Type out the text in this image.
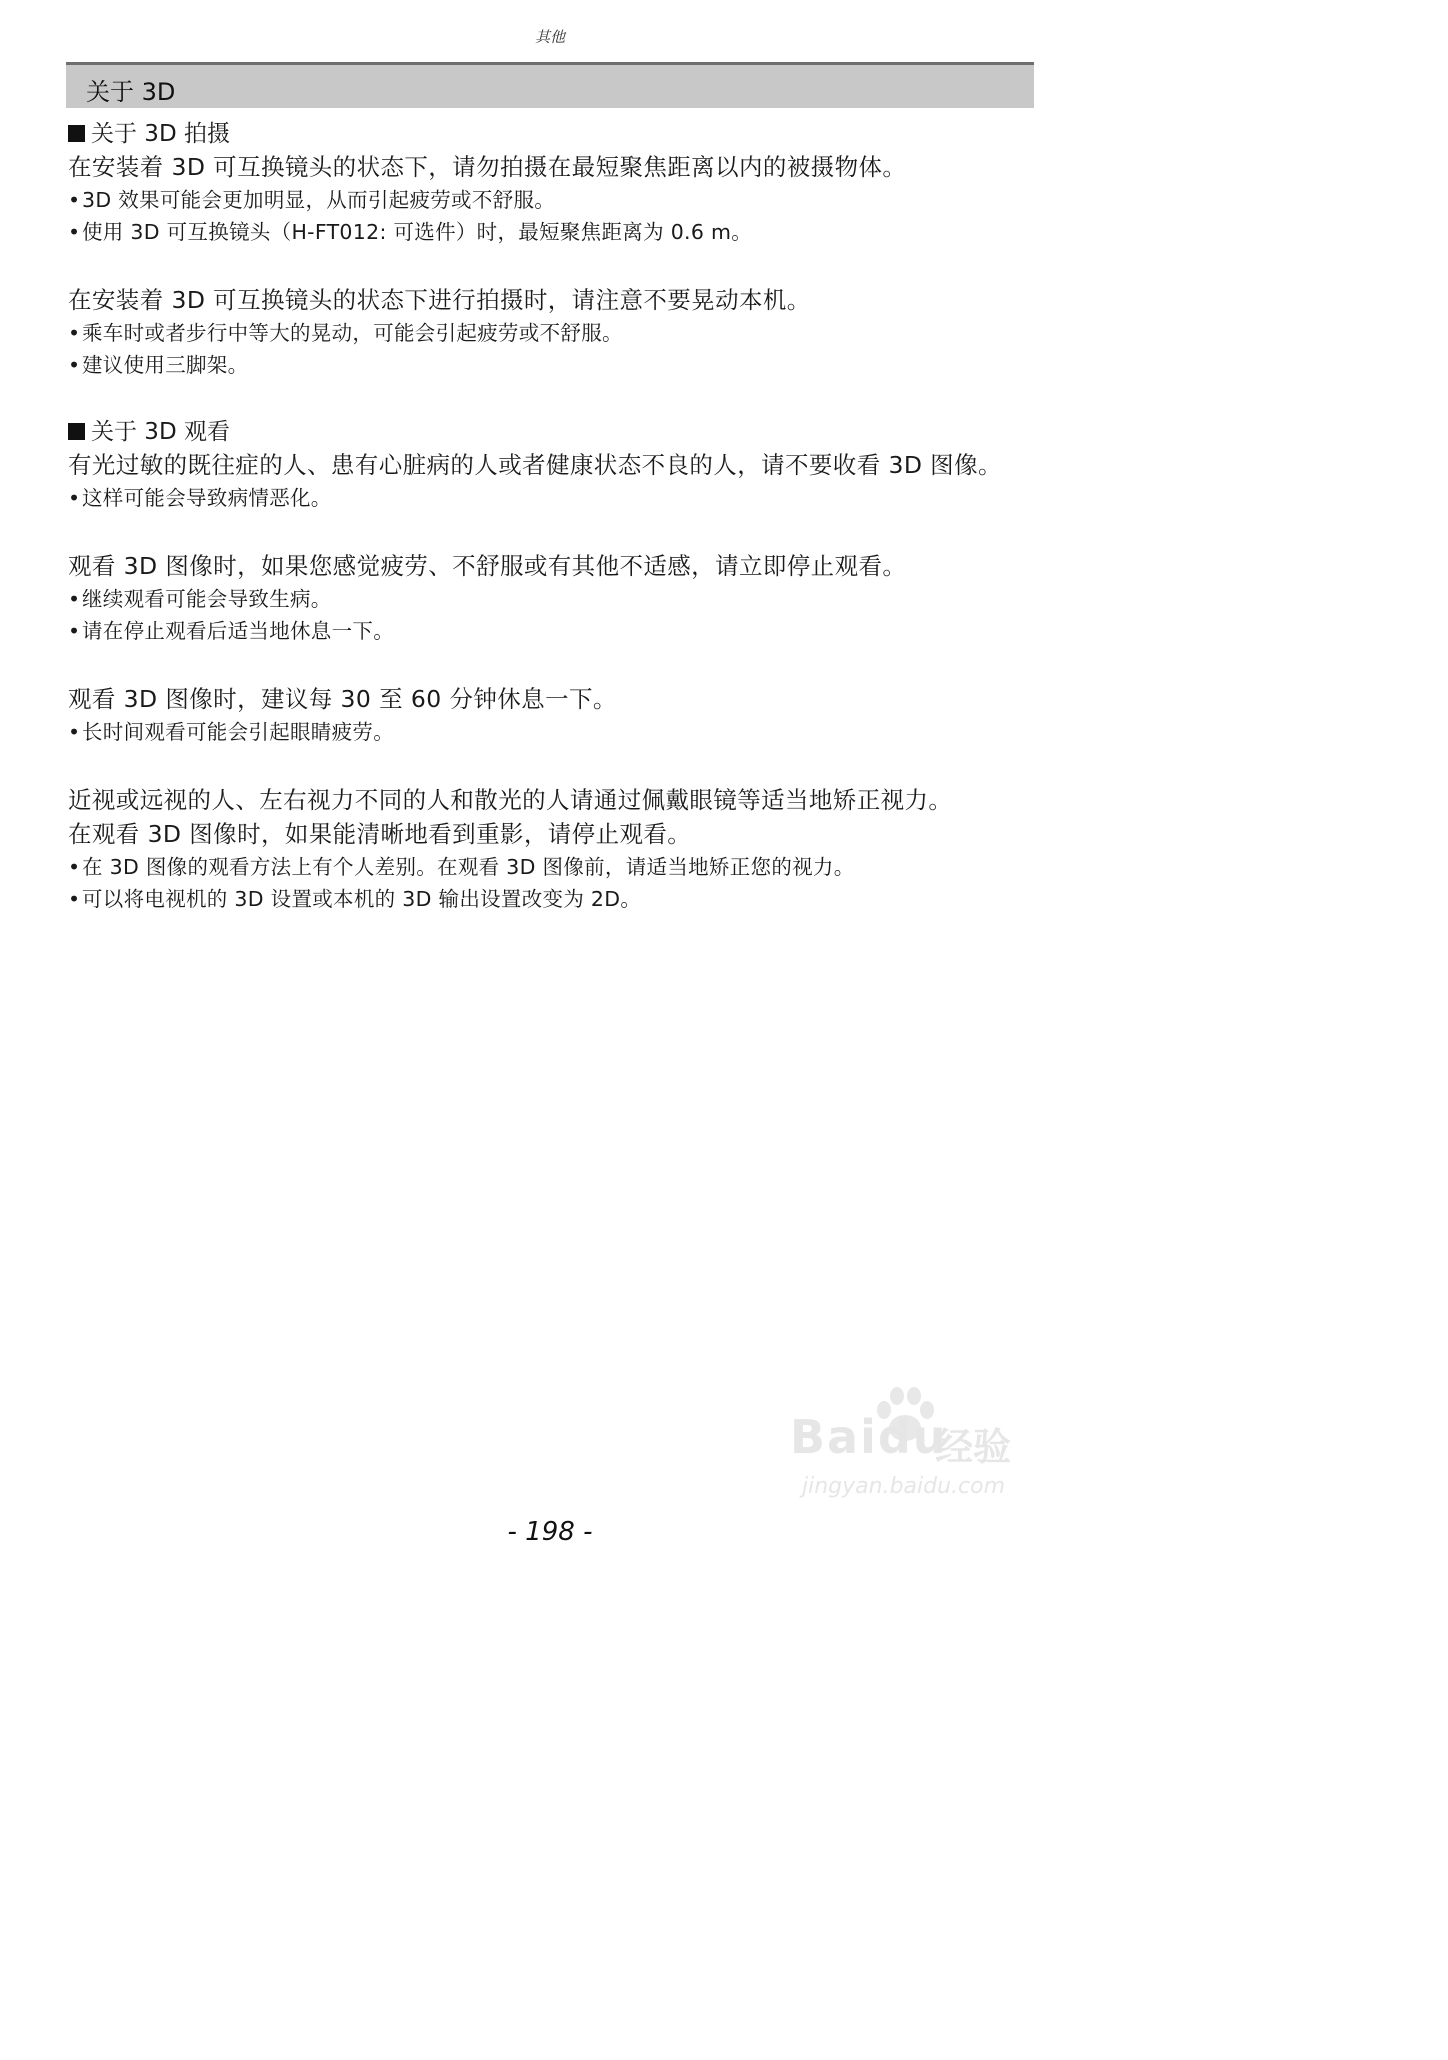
其他
关于 3D

关于 3D 拍摄

在安装着 3D 可互换镜头的状态下，请勿拍摄在最短聚焦距离以内的被摄物体。

• 3D 效果可能会更加明显，从而引起疲劳或不舒服。

• 使用 3D 可互换镜头（H-FT012: 可选件）时，最短聚焦距离为 0.6 m。

在安装着 3D 可互换镜头的状态下进行拍摄时，请注意不要晃动本机。

• 乘车时或者步行中等大的晃动，可能会引起疲劳或不舒服。

• 建议使用三脚架。

关于 3D 观看

有光过敏的既往症的人、患有心脏病的人或者健康状态不良的人，请不要收看 3D 图像。

• 这样可能会导致病情恶化。

观看 3D 图像时，如果您感觉疲劳、不舒服或有其他不适感，请立即停止观看。

• 继续观看可能会导致生病。

• 请在停止观看后适当地休息一下。

观看 3D 图像时，建议每 30 至 60 分钟休息一下。

• 长时间观看可能会引起眼睛疲劳。

近视或远视的人、左右视力不同的人和散光的人请通过佩戴眼镜等适当地矫正视力。

在观看 3D 图像时，如果能清晰地看到重影，请停止观看。

• 在 3D 图像的观看方法上有个人差别。在观看 3D 图像前，请适当地矫正您的视力。

• 可以将电视机的 3D 设置或本机的 3D 输出设置改变为 2D。

Baidu
经验
jingyan.baidu.com
- 198 -
